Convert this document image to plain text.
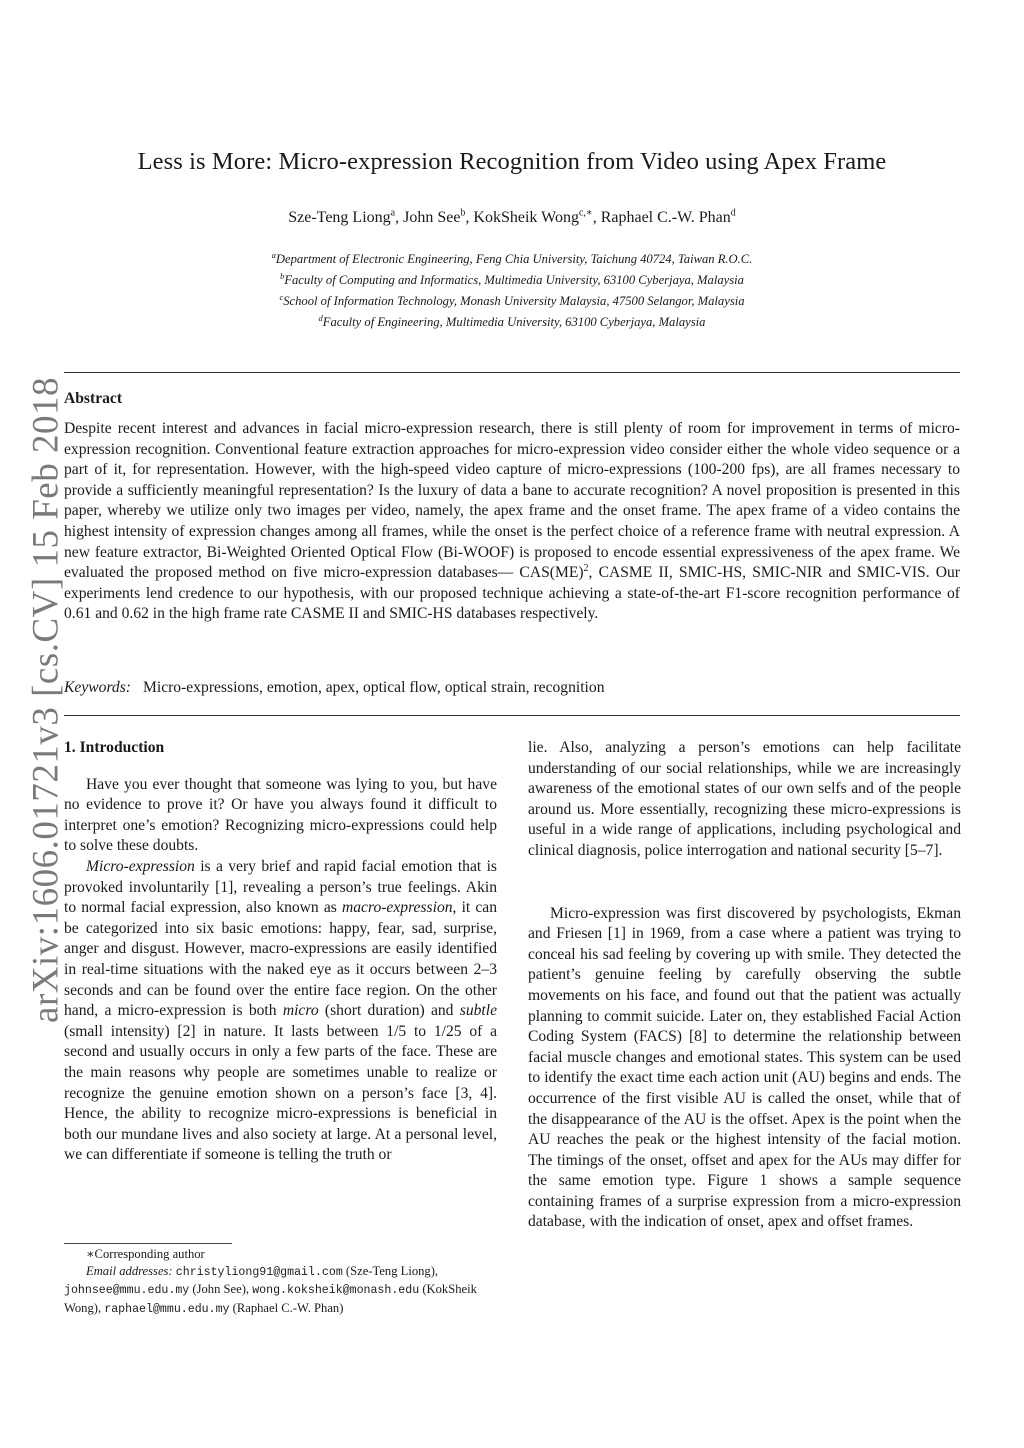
arXiv:1606.01721v3 [cs.CV] 15 Feb 2018
Less is More: Micro-expression Recognition from Video using Apex Frame
Sze-Teng Liong$^a$, John See$^b$, KokSheik Wong$^{c,∗}$, Raphael C.-W. Phan$^d$
$^a$Department of Electronic Engineering, Feng Chia University, Taichung 40724, Taiwan R.O.C.
$^b$Faculty of Computing and Informatics, Multimedia University, 63100 Cyberjaya, Malaysia
$^c$School of Information Technology, Monash University Malaysia, 47500 Selangor, Malaysia
$^d$Faculty of Engineering, Multimedia University, 63100 Cyberjaya, Malaysia
Abstract
Despite recent interest and advances in facial micro-expression research, there is still plenty of room for improvement in terms of micro-expression recognition. Conventional feature extraction approaches for micro-expression video consider either the whole video sequence or a part of it, for representation. However, with the high-speed video capture of micro-expressions (100-200 fps), are all frames necessary to provide a sufficiently meaningful representation? Is the luxury of data a bane to accurate recognition? A novel proposition is presented in this paper, whereby we utilize only two images per video, namely, the apex frame and the onset frame. The apex frame of a video contains the highest intensity of expression changes among all frames, while the onset is the perfect choice of a reference frame with neutral expression. A new feature extractor, Bi-Weighted Oriented Optical Flow (Bi-WOOF) is proposed to encode essential expressiveness of the apex frame. We evaluated the proposed method on five micro-expression databases— CAS(ME)$^2$, CASME II, SMIC-HS, SMIC-NIR and SMIC-VIS. Our experiments lend credence to our hypothesis, with our proposed technique achieving a state-of-the-art F1-score recognition performance of 0.61 and 0.62 in the high frame rate CASME II and SMIC-HS databases respectively.
Keywords: Micro-expressions, emotion, apex, optical flow, optical strain, recognition
1. Introduction

Have you ever thought that someone was lying to you, but have no evidence to prove it? Or have you always found it difficult to interpret one’s emotion? Recognizing micro-expressions could help to solve these doubts.

Micro-expression is a very brief and rapid facial emotion that is provoked involuntarily [1], revealing a person’s true feelings. Akin to normal facial expression, also known as macro-expression, it can be categorized into six basic emotions: happy, fear, sad, surprise, anger and disgust. However, macro-expressions are easily identified in real-time situations with the naked eye as it occurs between 2–3 seconds and can be found over the entire face region. On the other hand, a micro-expression is both micro (short duration) and subtle (small intensity) [2] in nature. It lasts between 1/5 to 1/25 of a second and usually occurs in only a few parts of the face. These are the main reasons why people are sometimes unable to realize or recognize the genuine emotion shown on a person’s face [3, 4]. Hence, the ability to recognize micro-expressions is beneficial in both our mundane lives and also society at large. At a personal level, we can differentiate if someone is telling the truth or

lie. Also, analyzing a person’s emotions can help facilitate understanding of our social relationships, while we are increasingly awareness of the emotional states of our own selfs and of the people around us. More essentially, recognizing these micro-expressions is useful in a wide range of applications, including psychological and clinical diagnosis, police interrogation and national security [5–7].

Micro-expression was first discovered by psychologists, Ekman and Friesen [1] in 1969, from a case where a patient was trying to conceal his sad feeling by covering up with smile. They detected the patient’s genuine feeling by carefully observing the subtle movements on his face, and found out that the patient was actually planning to commit suicide. Later on, they established Facial Action Coding System (FACS) [8] to determine the relationship between facial muscle changes and emotional states. This system can be used to identify the exact time each action unit (AU) begins and ends. The occurrence of the first visible AU is called the onset, while that of the disappearance of the AU is the offset. Apex is the point when the AU reaches the peak or the highest intensity of the facial motion. The timings of the onset, offset and apex for the AUs may differ for the same emotion type. Figure 1 shows a sample sequence containing frames of a surprise expression from a micro-expression database, with the indication of onset, apex and offset frames.

∗Corresponding author

Email addresses: christyliong91@gmail.com (Sze-Teng Liong), johnsee@mmu.edu.my (John See), wong.koksheik@monash.edu (KokSheik Wong), raphael@mmu.edu.my (Raphael C.-W. Phan)
